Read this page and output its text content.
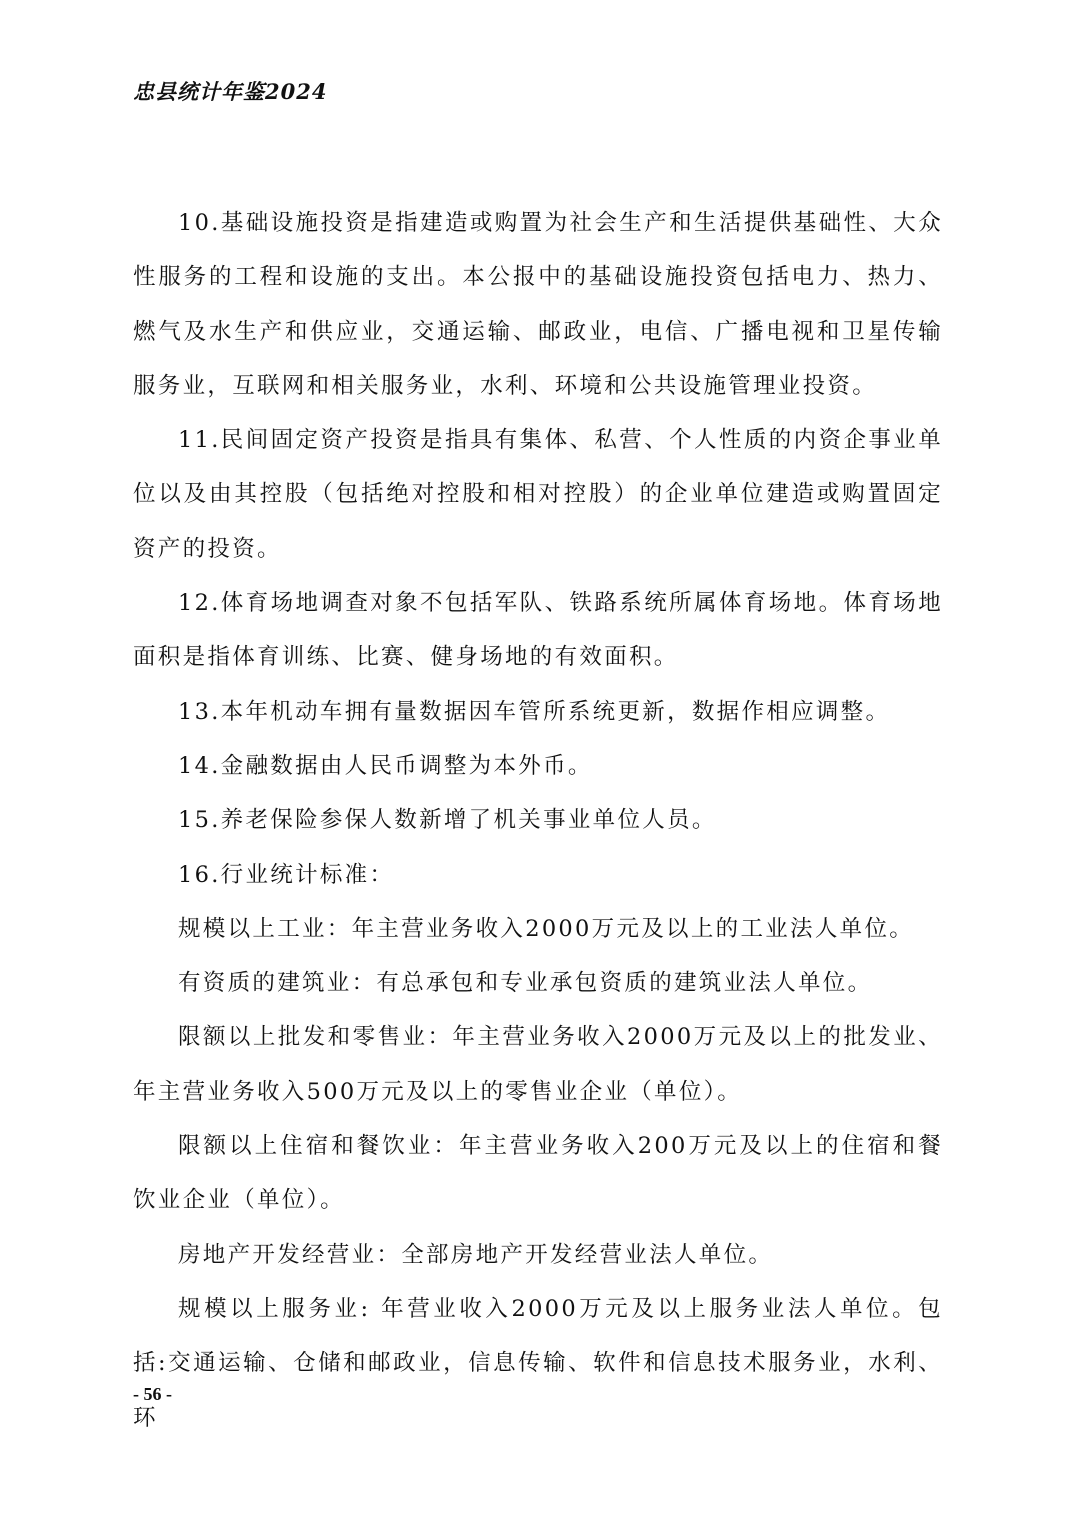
忠县统计年鉴2024

10.基础设施投资是指建造或购置为社会生产和生活提供基础性、大众性服务的工程和设施的支出。本公报中的基础设施投资包括电力、热力、燃气及水生产和供应业，交通运输、邮政业，电信、广播电视和卫星传输服务业，互联网和相关服务业，水利、环境和公共设施管理业投资。

11.民间固定资产投资是指具有集体、私营、个人性质的内资企事业单位以及由其控股（包括绝对控股和相对控股）的企业单位建造或购置固定资产的投资。

12.体育场地调查对象不包括军队、铁路系统所属体育场地。体育场地面积是指体育训练、比赛、健身场地的有效面积。

13.本年机动车拥有量数据因车管所系统更新，数据作相应调整。

14.金融数据由人民币调整为本外币。

15.养老保险参保人数新增了机关事业单位人员。

16.行业统计标准：

规模以上工业：年主营业务收入2000万元及以上的工业法人单位。

有资质的建筑业：有总承包和专业承包资质的建筑业法人单位。

限额以上批发和零售业：年主营业务收入2000万元及以上的批发业、年主营业务收入500万元及以上的零售业企业（单位）。

限额以上住宿和餐饮业：年主营业务收入200万元及以上的住宿和餐饮业企业（单位）。

房地产开发经营业：全部房地产开发经营业法人单位。

规模以上服务业: 年营业收入2000万元及以上服务业法人单位。包括:交通运输、仓储和邮政业，信息传输、软件和信息技术服务业，水利、环

- 56 -
